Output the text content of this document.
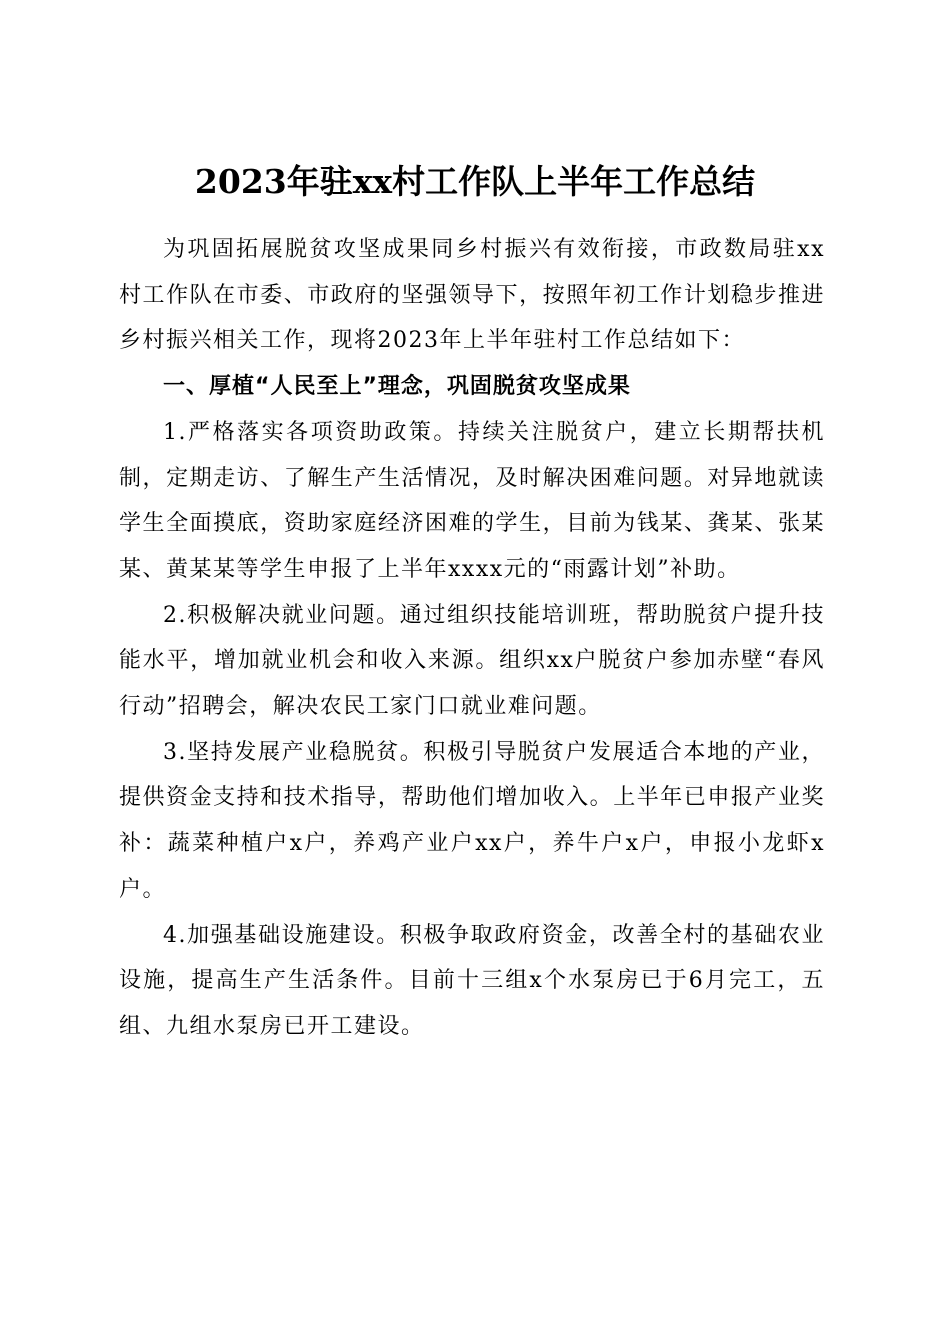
2023年驻xx村工作队上半年工作总结

为巩固拓展脱贫攻坚成果同乡村振兴有效衔接，市政数局驻xx村工作队在市委、市政府的坚强领导下，按照年初工作计划稳步推进乡村振兴相关工作，现将2023年上半年驻村工作总结如下：

一、厚植“人民至上”理念，巩固脱贫攻坚成果

1.严格落实各项资助政策。持续关注脱贫户，建立长期帮扶机制，定期走访、了解生产生活情况，及时解决困难问题。对异地就读学生全面摸底，资助家庭经济困难的学生，目前为钱某、龚某、张某某、黄某某等学生申报了上半年xxxx元的“雨露计划”补助。

2.积极解决就业问题。通过组织技能培训班，帮助脱贫户提升技能水平，增加就业机会和收入来源。组织xx户脱贫户参加赤壁“春风行动”招聘会，解决农民工家门口就业难问题。

3.坚持发展产业稳脱贫。积极引导脱贫户发展适合本地的产业，提供资金支持和技术指导，帮助他们增加收入。上半年已申报产业奖补：蔬菜种植户x户，养鸡产业户xx户，养牛户x户，申报小龙虾x户。

4.加强基础设施建设。积极争取政府资金，改善全村的基础农业设施，提高生产生活条件。目前十三组x个水泵房已于6月完工，五组、九组水泵房已开工建设。
